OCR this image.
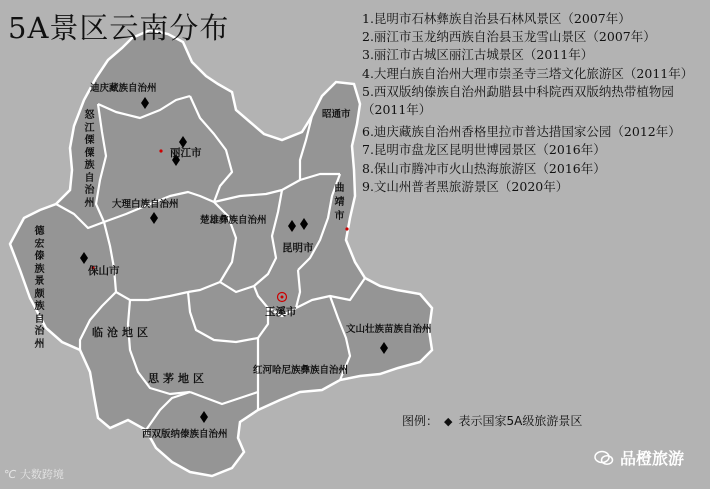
5A景区云南分布	1.昆明市石林彝族自治县石林风景区（2007年）
2.丽江市玉龙纳西族自治县玉龙雪山景区（2007年）
3.丽江市古城区丽江古城景区（2011年）
4.大理白族自治州大理市崇圣寺三塔文化旅游区（2011年）
5.西双版纳傣族自治州勐腊县中科院西双版纳热带植物园（2011年）
6.迪庆藏族自治州香格里拉市普达措国家公园（2012年）
7.昆明市盘龙区昆明世博园景区（2016年）
8.保山市腾冲市火山热海旅游区（2016年）
9.文山州普者黑旅游景区（2020年）
迪庆藏族自治州
怒江傈僳族自治州 大理白族自治州
楚雄彝族自治州
德宏傣族景颇族自治州
临沧地区
思茅地区
红河哈尼族彝族自治州
文山壮族苗族自治州
西双版纳傣族自治州
昭通市
曲靖市
丽江市
保山市
昆明市
玉溪市
图例： ◆ 表示国家5A级旅游景区
℃ 大数跨境
品橙旅游
